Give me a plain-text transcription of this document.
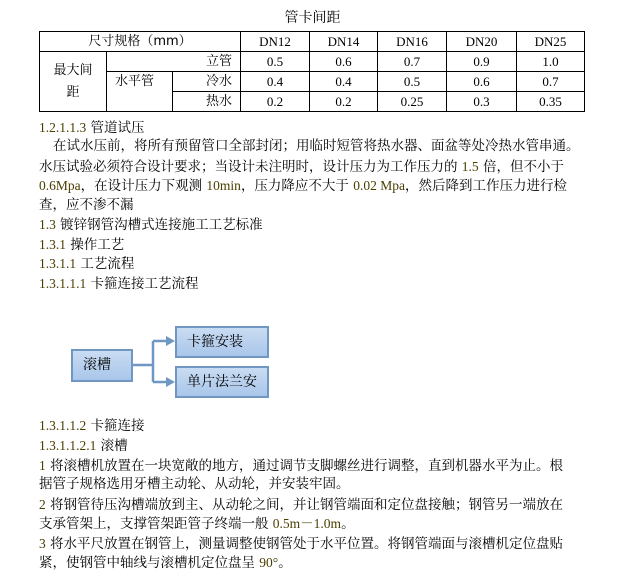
管卡间距
尺寸规格（mm）			DN12	DN14	DN16	DN20	DN25

最大间
距	立管		0.5	0.6	0.7	0.9	1.0
	水平管	冷水	0.4	0.4	0.5	0.6	0.7
		热水	0.2	0.2	0.25	0.3	0.35
1.2.1.1.3 管道试压
在试水压前，将所有预留管口全部封闭；用临时短管将热水器、面盆等处冷热水管串通。
水压试验必须符合设计要求；当设计未注明时，设计压力为工作压力的 1.5 倍，但不小于
0.6Mpa，在设计压力下观测 10min，压力降应不大于 0.02 Mpa，然后降到工作压力进行检
查，应不渗不漏
1.3 镀锌钢管沟槽式连接施工工艺标准
1.3.1 操作工艺
1.3.1.1 工艺流程
1.3.1.1.1 卡箍连接工艺流程
滚槽
卡箍安装
单片法兰安
1.3.1.1.2 卡箍连接
1.3.1.1.2.1 滚槽
1 将滚槽机放置在一块宽敞的地方，通过调节支脚螺丝进行调整，直到机器水平为止。根
据管子规格选用牙槽主动轮、从动轮，并安装牢固。
2 将钢管待压沟槽端放到主、从动轮之间，并让钢管端面和定位盘接触；钢管另一端放在
支承管架上，支撑管架距管子终端一般 0.5m－1.0m。
3 将水平尺放置在钢管上，测量调整使钢管处于水平位置。将钢管端面与滚槽机定位盘贴
紧，使钢管中轴线与滚槽机定位盘呈 90°。
